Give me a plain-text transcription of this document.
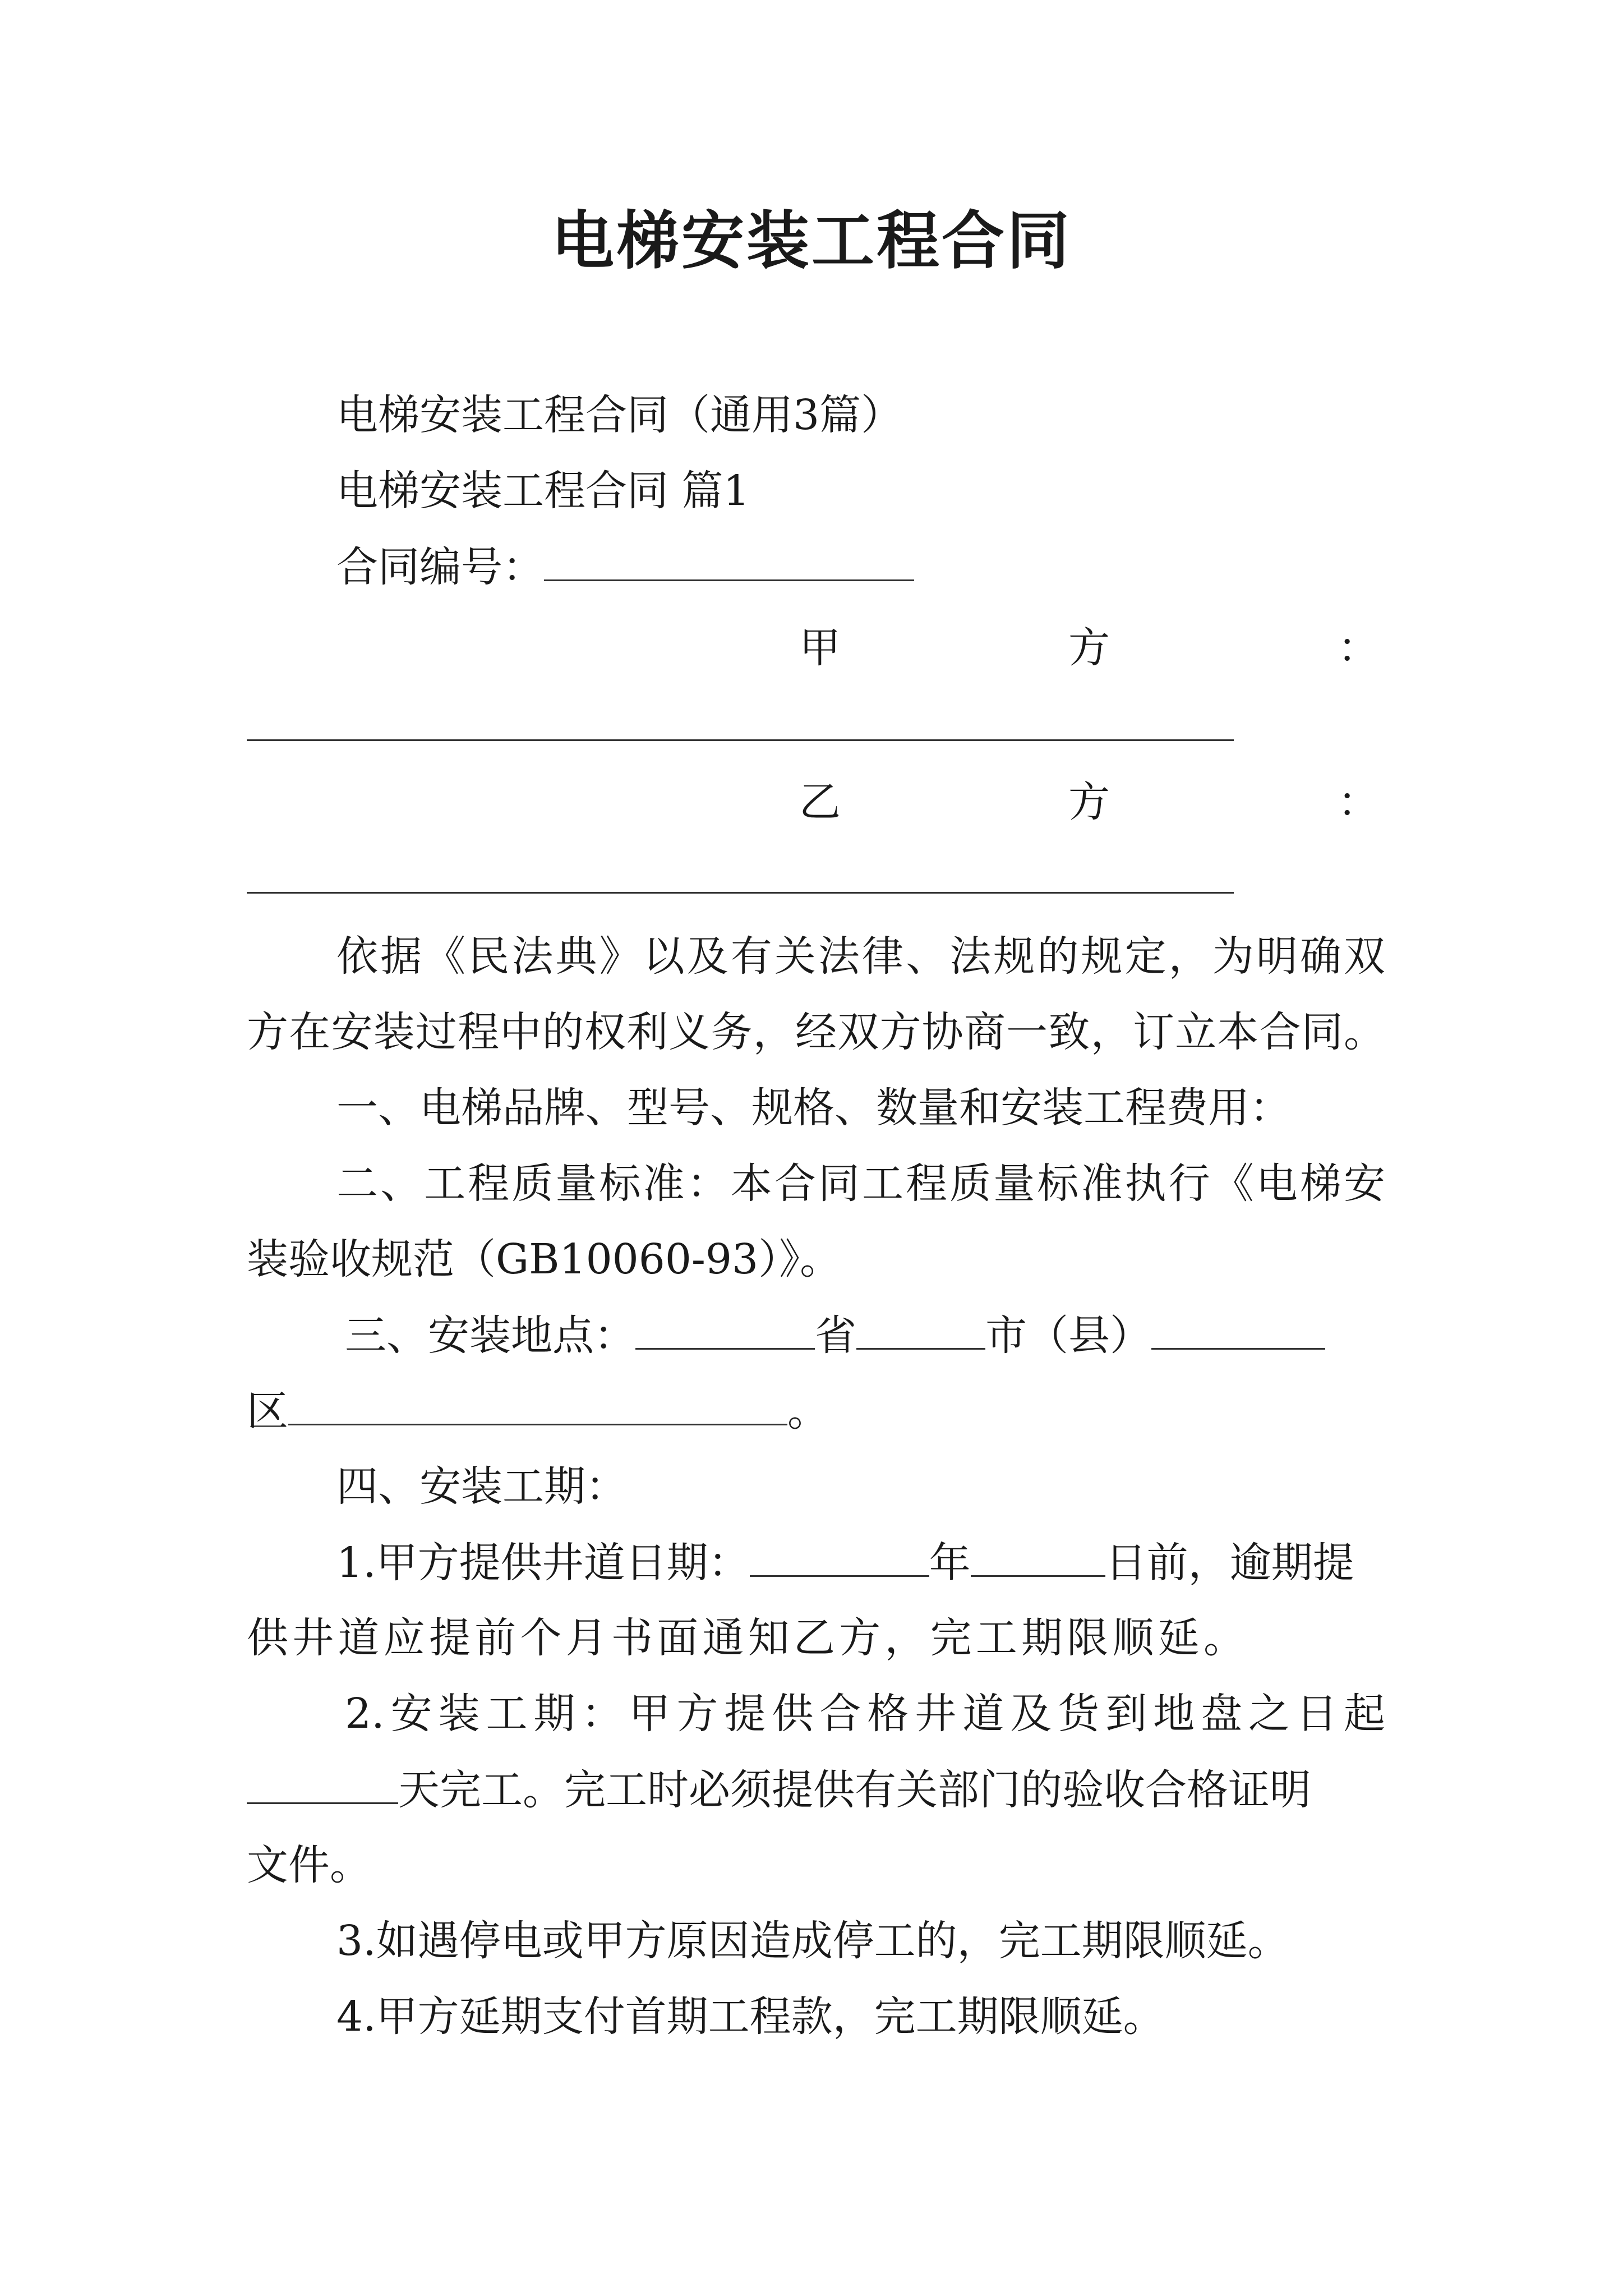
电梯安装工程合同
电梯安装工程合同（通用3篇）
电梯安装工程合同 篇1
合同编号：
甲	方	：
乙	方	：
依据《民法典》以及有关法律、法规的规定，为明确双
方在安装过程中的权利义务，经双方协商一致，订立本合同。
一、电梯品牌、型号、规格、数量和安装工程费用：
二、工程质量标准：本合同工程质量标准执行《电梯安
装验收规范（GB10060-93）》。
三、安装地点：	省	市（县）
区	。
四、安装工期：
1.甲方提供井道日期：	年	日前，逾期提
供井道应提前个月书面通知乙方，完工期限顺延。
2.安装工期：甲方提供合格井道及货到地盘之日起
天完工。完工时必须提供有关部门的验收合格证明
文件。
3.如遇停电或甲方原因造成停工的，完工期限顺延。
4.甲方延期支付首期工程款，完工期限顺延。
